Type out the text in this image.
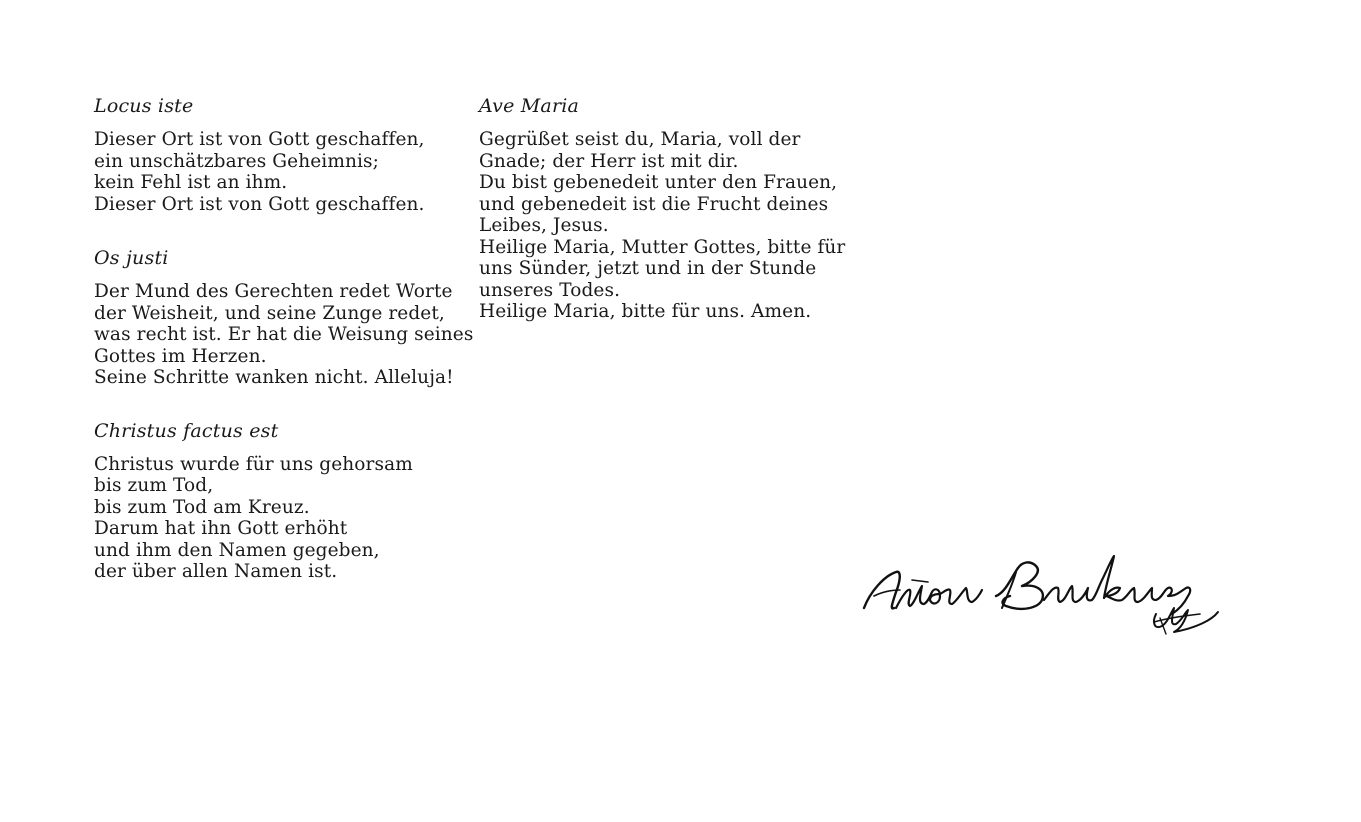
Locus iste
Dieser Ort ist von Gott geschaffen,
ein unschätzbares Geheimnis;
kein Fehl ist an ihm.
Dieser Ort ist von Gott geschaffen.
Os justi
Der Mund des Gerechten redet Worte
der Weisheit, und seine Zunge redet,
was recht ist. Er hat die Weisung seines
Gottes im Herzen.
Seine Schritte wanken nicht. Alleluja!
Christus factus est
Christus wurde für uns gehorsam
bis zum Tod,
bis zum Tod am Kreuz.
Darum hat ihn Gott erhöht
und ihm den Namen gegeben,
der über allen Namen ist.
Ave Maria
Gegrüßet seist du, Maria, voll der
Gnade; der Herr ist mit dir.
Du bist gebenedeit unter den Frauen,
und gebenedeit ist die Frucht deines
Leibes, Jesus.
Heilige Maria, Mutter Gottes, bitte für
uns Sünder, jetzt und in der Stunde
unseres Todes.
Heilige Maria, bitte für uns. Amen.
